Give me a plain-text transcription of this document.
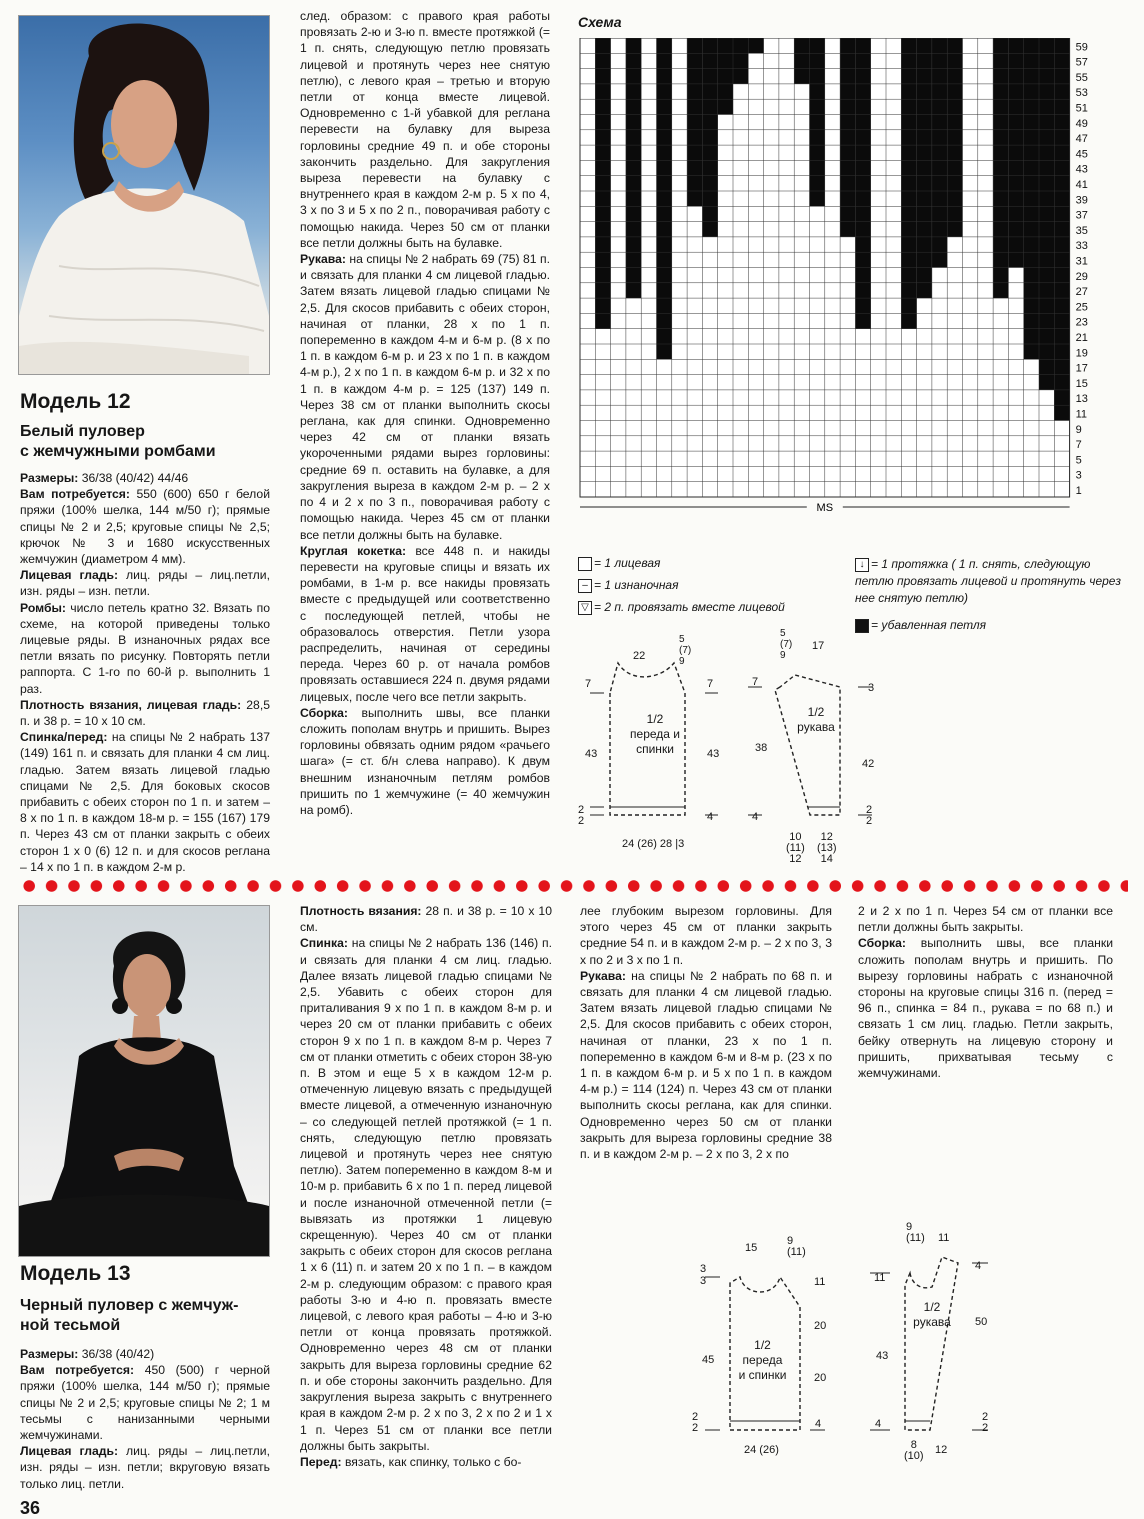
Модель 12
Белый пуловер
с жемчужными ромбами

Размеры: 36/38 (40/42) 44/46

Вам потребуется: 550 (600) 650 г белой пряжи (100% шелка, 144 м/50 г); прямые спицы № 2 и 2,5; круговые спицы № 2,5; крючок № 3 и 1680 искусственных жемчужин (диаметром 4 мм).

Лицевая гладь: лиц. ряды – лиц.петли, изн. ряды – изн. петли.

Ромбы: число петель кратно 32. Вязать по схеме, на которой приведены только лицевые ряды. В изнаночных рядах все петли вязать по рисунку. Повторять петли раппорта. С 1-го по 60-й р. выполнить 1 раз.

Плотность вязания, лицевая гладь: 28,5 п. и 38 р. = 10 х 10 см.

Спинка/перед: на спицы № 2 набрать 137 (149) 161 п. и связать для планки 4 см лиц. гладью. Затем вязать лицевой гладью спицами № 2,5. Для боковых скосов прибавить с обеих сторон по 1 п. и затем – 8 х по 1 п. в каждом 18-м р. = 155 (167) 179 п. Через 43 см от планки закрыть с обеих сторон 1 х 0 (6) 12 п. и для скосов реглана – 14 х по 1 п. в каждом 2-м р.

след. образом: с правого края работы провязать 2-ю и 3-ю п. вместе протяжкой (= 1 п. снять, следующую петлю провязать лицевой и протянуть через нее снятую петлю), с левого края – третью и вторую петли от конца вместе лицевой. Одновременно с 1-й убавкой для реглана перевести на булавку для выреза горловины средние 49 п. и обе стороны закончить раздельно. Для закругления выреза перевести на булавку с внутреннего края в каждом 2-м р. 5 х по 4, 3 х по 3 и 5 х по 2 п., поворачивая работу с помощью накида. Через 50 см от планки все петли должны быть на булавке.

Рукава: на спицы № 2 набрать 69 (75) 81 п. и связать для планки 4 см лицевой гладью. Затем вязать лицевой гладью спицами № 2,5. Для скосов прибавить с обеих сторон, начиная от планки, 28 х по 1 п. попеременно в каждом 4-м и 6-м р. (8 х по 1 п. в каждом 6-м р. и 23 х по 1 п. в каждом 4-м р.), 2 х по 1 п. в каждом 6-м р. и 32 х по 1 п. в каждом 4-м р. = 125 (137) 149 п. Через 38 см от планки выполнить скосы реглана, как для спинки. Одновременно через 42 см от планки вязать укороченными рядами вырез горловины: средние 69 п. оставить на булавке, а для закругления выреза в каждом 2-м р. – 2 х по 4 и 2 х по 3 п., поворачивая работу с помощью накида. Через 45 см от планки все петли должны быть на булавке.

Круглая кокетка: все 448 п. и накиды перевести на круговые спицы и вязать их ромбами, в 1-м р. все накиды провязать вместе с предыдущей или соответственно с последующей петлей, чтобы не образовалось отверстия. Петли узора распределить, начиная от середины переда. Через 60 р. от начала ромбов провязать оставшиеся 224 п. двумя рядами лицевых, после чего все петли закрыть.

Сборка: выполнить швы, все планки сложить пополам внутрь и пришить. Вырез горловины обвязать одним рядом «рачьего шага» (= ст. б/н слева направо). К двум внешним изнаночным петлям ромбов пришить по 1 жемчужине (= 40 жемчужин на ромб).

Схема
59
57
55
53
51
49
47
45
43
41
39
37
35
33
31
29
27
25
23
21
19
17
15
13
11
9
7
5
3
1
MS
= 1 лицевая
– = 1 изнаночная
▽ = 2 п. провязать вместе лицевой
↓ = 1 протяжка ( 1 п. снять, следующую петлю провязать лицевой и протянуть через нее снятую петлю)
= убавленная петля
22
5
(7)
9
7	7
43	43
1/2
переда и
спинки
2
2	4
24 (26) 28 |3
5
(7)
9
17
7	3
38
42
1/2
рукава
4
2
2
10
(11)
12
12
(13)
14
Модель 13
Черный пуловер с жемчуж-
ной тесьмой

Размеры: 36/38 (40/42)

Вам потребуется: 450 (500) г черной пряжи (100% шелка, 144 м/50 г); прямые спицы № 2 и 2,5; круговые спицы № 2; 1 м тесьмы с нанизанными черными жемчужинами.

Лицевая гладь: лиц. ряды – лиц.петли, изн. ряды – изн. петли; вкруговую вязать только лиц. петли.

Плотность вязания: 28 п. и 38 р. = 10 х 10 см.

Спинка: на спицы № 2 набрать 136 (146) п. и связать для планки 4 см лиц. гладью. Далее вязать лицевой гладью спицами № 2,5. Убавить с обеих сторон для приталивания 9 х по 1 п. в каждом 8-м р. и через 20 см от планки прибавить с обеих сторон 9 х по 1 п. в каждом 8-м р. Через 7 см от планки отметить с обеих сторон 38-ую п. В этом и еще 5 х в каждом 12-м р. отмеченную лицевую вязать с предыдущей вместе лицевой, а отмеченную изнаночную – со следующей петлей протяжкой (= 1 п. снять, следующую петлю провязать лицевой и протянуть через нее снятую петлю). Затем попеременно в каждом 8-м и 10-м р. прибавить 6 х по 1 п. перед лицевой и после изнаночной отмеченной петли (= вывязать из протяжки 1 лицевую скрещенную). Через 40 см от планки закрыть с обеих сторон для скосов реглана 1 х 6 (11) п. и затем 20 х по 1 п. – в каждом 2-м р. следующим образом: с правого края работы 3-ю и 4-ю п. провязать вместе лицевой, с левого края работы – 4-ю и 3-ю петли от конца провязать протяжкой. Одновременно через 48 см от планки закрыть для выреза горловины средние 62 п. и обе стороны закончить раздельно. Для закругления выреза закрыть с внутреннего края в каждом 2-м р. 2 х по 3, 2 х по 2 и 1 х 1 п. Через 51 см от планки все петли должны быть закрыты.

Перед: вязать, как спинку, только с бо-

лее глубоким вырезом горловины. Для этого через 45 см от планки закрыть средние 54 п. и в каждом 2-м р. – 2 х по 3, 3 х по 2 и 3 х по 1 п.

Рукава: на спицы № 2 набрать по 68 п. и связать для планки 4 см лицевой гладью. Затем вязать лицевой гладью спицами № 2,5. Для скосов прибавить с обеих сторон, начиная от планки, 23 х по 1 п. попеременно в каждом 6-м и 8-м р. (23 х по 1 п. в каждом 6-м р. и 5 х по 1 п. в каждом 4-м р.) = 114 (124) п. Через 43 см от планки выполнить скосы реглана, как для спинки. Одновременно через 50 см от планки закрыть для выреза горловины средние 38 п. и в каждом 2-м р. – 2 х по 3, 2 х по

2 и 2 х по 1 п. Через 54 см от планки все петли должны быть закрыты.

Сборка: выполнить швы, все планки сложить пополам внутрь и пришить. По вырезу горловины набрать с изнаночной стороны на круговые спицы 316 п. (перед = 96 п., спинка = 84 п., рукава = по 68 п.) и связать 1 см лиц. гладью. Петли закрыть, бейку отвернуть на лицевую сторону и пришить, прихватывая тесьму с жемчужинами.

15
9
(11)
3
3	11
20
20
45
1/2
переда
и спинки
2
2	4
24 (26)
9
(11) 11
11
4
43
50
1/2
рукава
4
2
2
8
(10) 12
36
